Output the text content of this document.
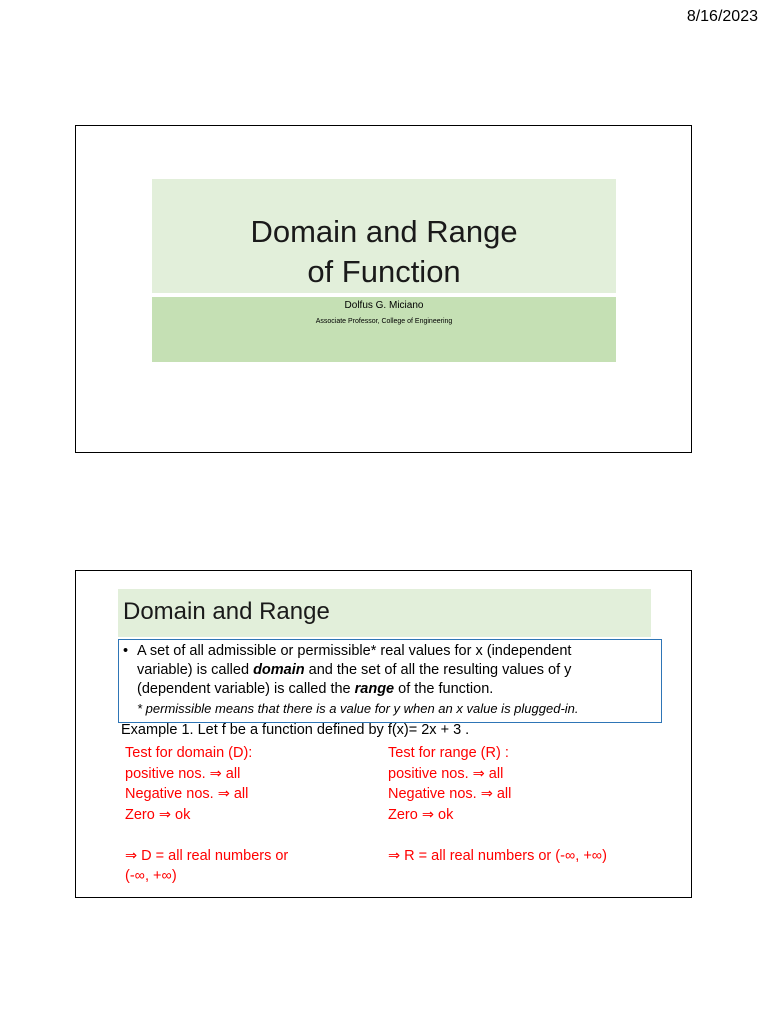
8/16/2023
Domain and Range
of Function
Dolfus G. Miciano
Associate Professor, College of Engineering
Domain and Range
• A set of all admissible or permissible* real values for x (independent
variable) is called domain and the set of all the resulting values of y
(dependent variable) is called the range of the function.
* permissible means that there is a value for y when an x value is plugged-in.
Example 1. Let f be a function defined by f(x)= 2x + 3 .
Test for domain (D):
positive nos. ⇒ all
Negative nos. ⇒ all
Zero ⇒ ok
⇒ D = all real numbers or
(-∞, +∞)
Test for range (R) :
positive nos. ⇒ all
Negative nos. ⇒ all
Zero ⇒ ok
⇒ R = all real numbers or (-∞, +∞)
